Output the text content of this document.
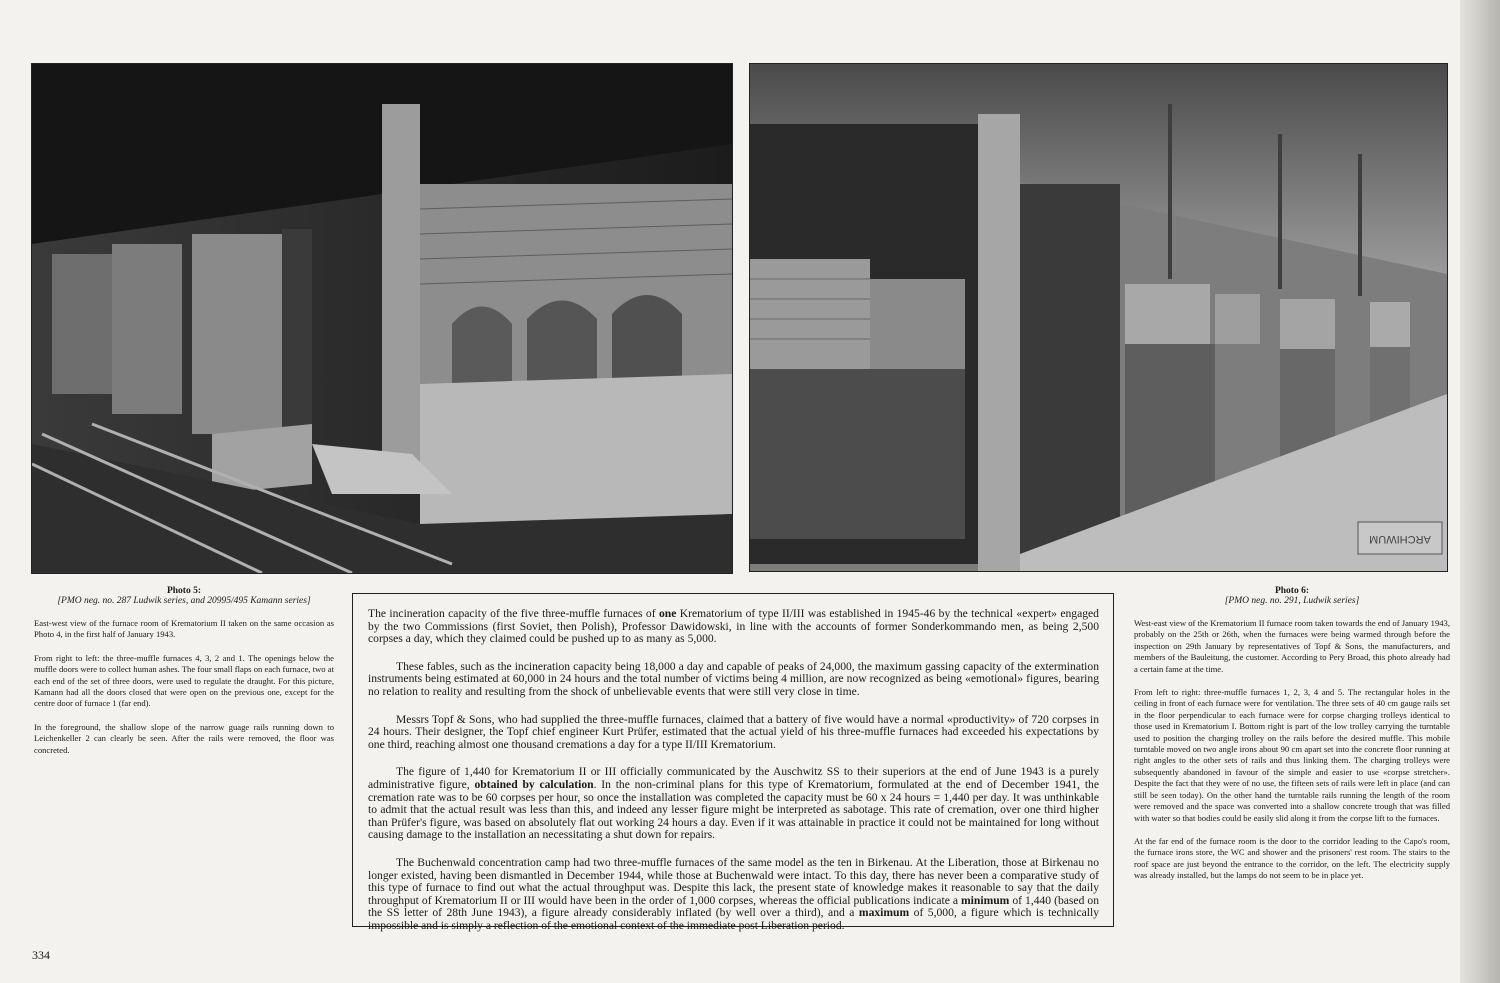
ARCHIWUM
Photo 5:
[PMO neg. no. 287 Ludwik series, and 20995/495 Kamann series]

East-west view of the furnace room of Krematorium II taken on the same occasion as Photo 4, in the first half of January 1943.

From right to left: the three-muffle furnaces 4, 3, 2 and 1. The openings below the muffle doors were to collect human ashes. The four small flaps on each furnace, two at each end of the set of three doors, were used to regulate the draught. For this picture, Kamann had all the doors closed that were open on the previous one, except for the centre door of furnace 1 (far end).

In the foreground, the shallow slope of the narrow guage rails running down to Leichenkeller 2 can clearly be seen. After the rails were removed, the floor was concreted.

The incineration capacity of the five three-muffle furnaces of one Krematorium of type II/III was established in 1945-46 by the technical «expert» engaged by the two Commissions (first Soviet, then Polish), Professor Dawidowski, in line with the accounts of former Sonderkommando men, as being 2,500 corpses a day, which they claimed could be pushed up to as many as 5,000.

These fables, such as the incineration capacity being 18,000 a day and capable of peaks of 24,000, the maximum gassing capacity of the extermination instruments being estimated at 60,000 in 24 hours and the total number of victims being 4 million, are now recognized as being «emotional» figures, bearing no relation to reality and resulting from the shock of unbelievable events that were still very close in time.

Messrs Topf & Sons, who had supplied the three-muffle furnaces, claimed that a battery of five would have a normal «productivity» of 720 corpses in 24 hours. Their designer, the Topf chief engineer Kurt Prüfer, estimated that the actual yield of his three-muffle furnaces had exceeded his expectations by one third, reaching almost one thousand cremations a day for a type II/III Krematorium.

The figure of 1,440 for Krematorium II or III officially communicated by the Auschwitz SS to their superiors at the end of June 1943 is a purely administrative figure, obtained by calculation. In the non-criminal plans for this type of Krematorium, formulated at the end of December 1941, the cremation rate was to be 60 corpses per hour, so once the installation was completed the capacity must be 60 x 24 hours = 1,440 per day. It was unthinkable to admit that the actual result was less than this, and indeed any lesser figure might be interpreted as sabotage. This rate of cremation, over one third higher than Prüfer's figure, was based on absolutely flat out working 24 hours a day. Even if it was attainable in practice it could not be maintained for long without causing damage to the installation an necessitating a shut down for repairs.

The Buchenwald concentration camp had two three-muffle furnaces of the same model as the ten in Birkenau. At the Liberation, those at Birkenau no longer existed, having been dismantled in December 1944, while those at Buchenwald were intact. To this day, there has never been a comparative study of this type of furnace to find out what the actual throughput was. Despite this lack, the present state of knowledge makes it reasonable to say that the daily throughput of Krematorium II or III would have been in the order of 1,000 corpses, whereas the official publications indicate a minimum of 1,440 (based on the SS letter of 28th June 1943), a figure already considerably inflated (by well over a third), and a maximum of 5,000, a figure which is technically impossible and is simply a reflection of the emotional context of the immediate post Liberation period.

Photo 6:
[PMO neg. no. 291, Ludwik series]

West-east view of the Krematorium II furnace room taken towards the end of January 1943, probably on the 25th or 26th, when the furnaces were being warmed through before the inspection on 29th January by representatives of Topf & Sons, the manufacturers, and members of the Bauleitung, the customer. According to Pery Broad, this photo already had a certain fame at the time.

From left to right: three-muffle furnaces 1, 2, 3, 4 and 5. The rectangular holes in the ceiling in front of each furnace were for ventilation. The three sets of 40 cm gauge rails set in the floor perpendicular to each furnace were for corpse charging trolleys identical to those used in Krematorium I. Bottom right is part of the low trolley carrying the turntable used to position the charging trolley on the rails before the desired muffle. This mobile turntable moved on two angle irons about 90 cm apart set into the concrete floor running at right angles to the other sets of rails and thus linking them. The charging trolleys were subsequently abandoned in favour of the simple and easier to use «corpse stretcher». Despite the fact that they were of no use, the fifteen sets of rails were left in place (and can still be seen today). On the other hand the turntable rails running the length of the room were removed and the space was converted into a shallow concrete trough that was filled with water so that bodies could be easily slid along it from the corpse lift to the furnaces.

At the far end of the furnace room is the door to the corridor leading to the Capo's room, the furnace irons store, the WC and shower and the prisoners' rest room. The stairs to the roof space are just beyond the entrance to the corridor, on the left. The electricity supply was already installed, but the lamps do not seem to be in place yet.

334
